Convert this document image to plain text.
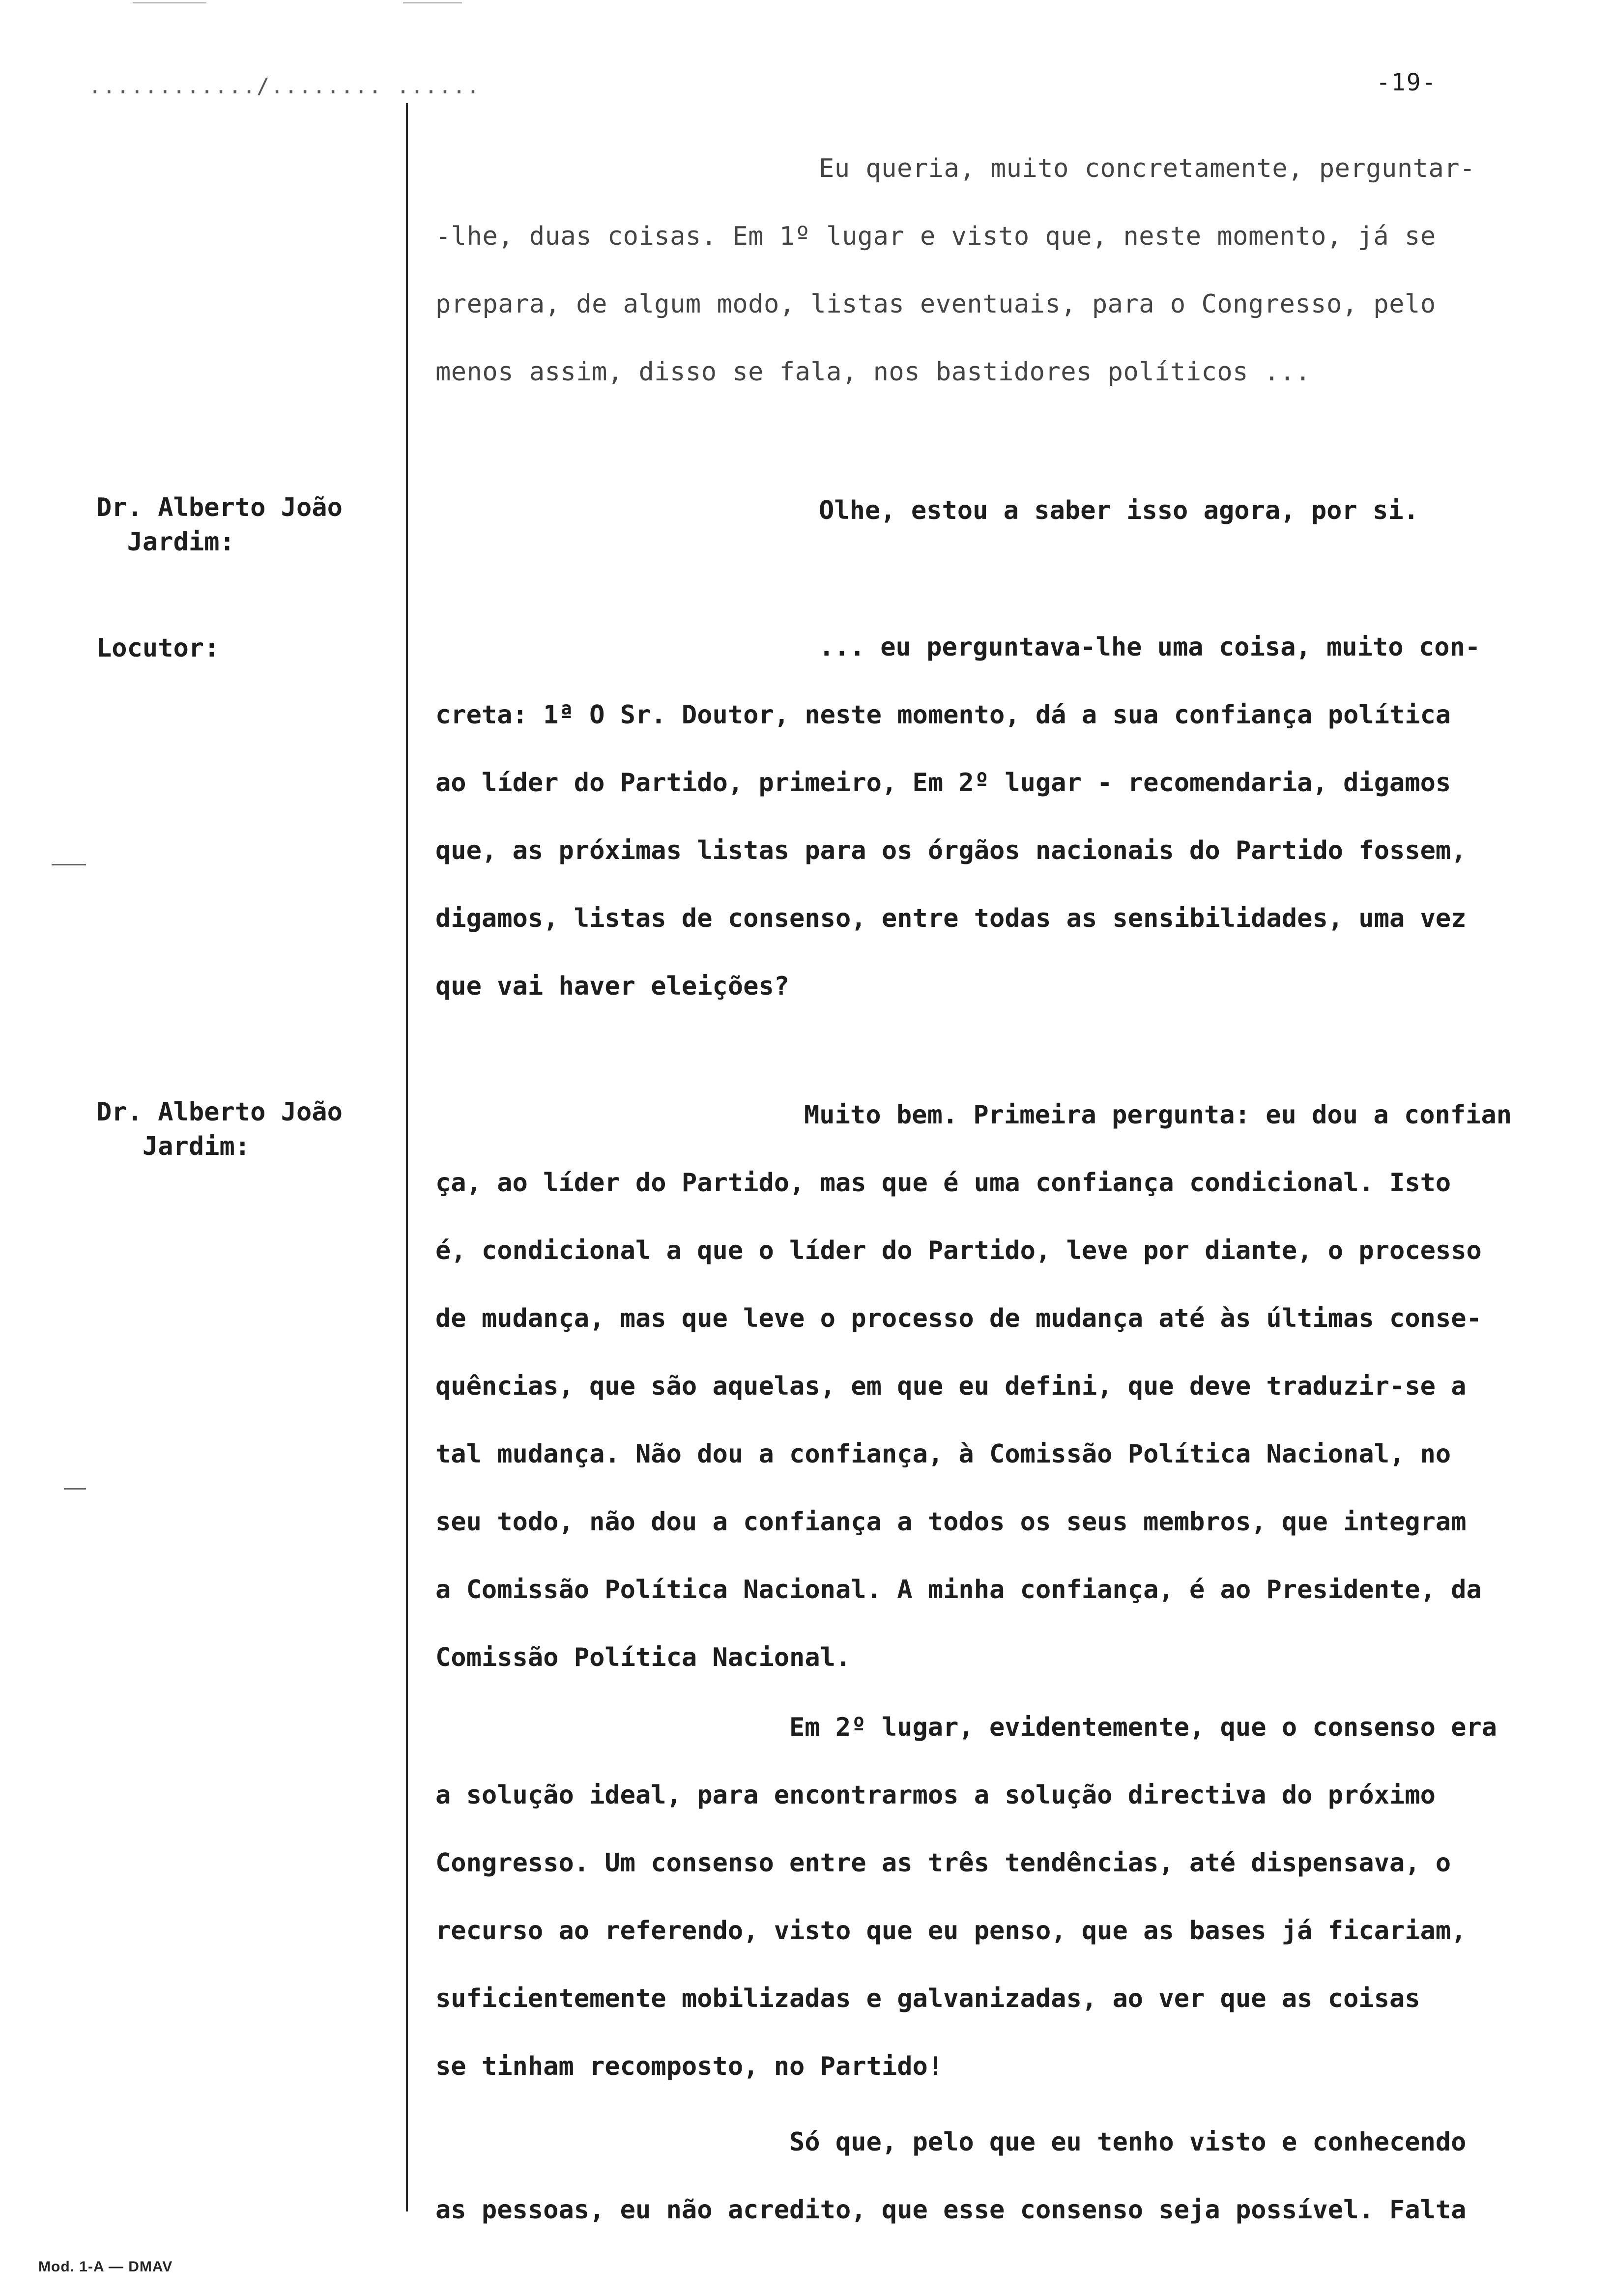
............/........ ......	-19-
Eu queria, muito concretamente, perguntar-
-lhe, duas coisas. Em 1º lugar e visto que, neste momento, já se
prepara, de algum modo, listas eventuais, para o Congresso, pelo
menos assim, disso se fala, nos bastidores políticos ...
Dr. Alberto João
Jardim:
Olhe, estou a saber isso agora, por si.
Locutor:	... eu perguntava-lhe uma coisa, muito con-
creta: 1ª O Sr. Doutor, neste momento, dá a sua confiança política
ao líder do Partido, primeiro, Em 2º lugar - recomendaria, digamos
que, as próximas listas para os órgãos nacionais do Partido fossem,
digamos, listas de consenso, entre todas as sensibilidades, uma vez
que vai haver eleições?
Dr. Alberto João
Jardim:
Muito bem. Primeira pergunta: eu dou a confian
ça, ao líder do Partido, mas que é uma confiança condicional. Isto
é, condicional a que o líder do Partido, leve por diante, o processo
de mudança, mas que leve o processo de mudança até às últimas conse-
quências, que são aquelas, em que eu defini, que deve traduzir-se a
tal mudança. Não dou a confiança, à Comissão Política Nacional, no
seu todo, não dou a confiança a todos os seus membros, que integram
a Comissão Política Nacional. A minha confiança, é ao Presidente, da
Comissão Política Nacional.
Em 2º lugar, evidentemente, que o consenso era
a solução ideal, para encontrarmos a solução directiva do próximo
Congresso. Um consenso entre as três tendências, até dispensava, o
recurso ao referendo, visto que eu penso, que as bases já ficariam,
suficientemente mobilizadas e galvanizadas, ao ver que as coisas
se tinham recomposto, no Partido!
Só que, pelo que eu tenho visto e conhecendo
as pessoas, eu não acredito, que esse consenso seja possível. Falta
Mod. 1-A — DMAV
